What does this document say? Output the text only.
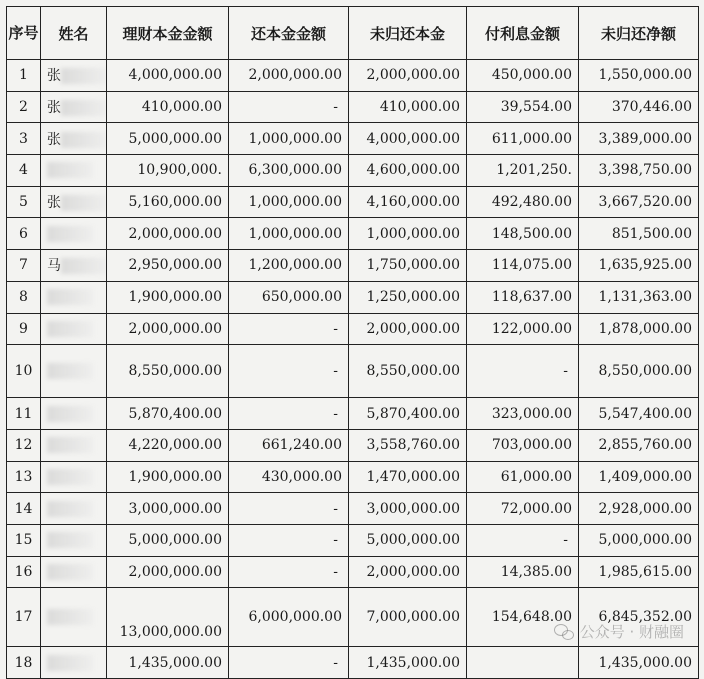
序号	姓名	理财本金金额	还本金金额	未归还本金	付利息金额	未归还净额
1	张	4,000,000.00	2,000,000.00	2,000,000.00	450,000.00	1,550,000.00
2	张	410,000.00	-	410,000.00	39,554.00	370,446.00
3	张	5,000,000.00	1,000,000.00	4,000,000.00	611,000.00	3,389,000.00
4		10,900,000.	6,300,000.00	4,600,000.00	1,201,250.	3,398,750.00
5	张	5,160,000.00	1,000,000.00	4,160,000.00	492,480.00	3,667,520.00
6		2,000,000.00	1,000,000.00	1,000,000.00	148,500.00	851,500.00
7	马	2,950,000.00	1,200,000.00	1,750,000.00	114,075.00	1,635,925.00
8		1,900,000.00	650,000.00	1,250,000.00	118,637.00	1,131,363.00
9		2,000,000.00	-	2,000,000.00	122,000.00	1,878,000.00
10		8,550,000.00	-	8,550,000.00	-	8,550,000.00
11		5,870,400.00	-	5,870,400.00	323,000.00	5,547,400.00
12		4,220,000.00	661,240.00	3,558,760.00	703,000.00	2,855,760.00
13		1,900,000.00	430,000.00	1,470,000.00	61,000.00	1,409,000.00
14		3,000,000.00	-	3,000,000.00	72,000.00	2,928,000.00
15		5,000,000.00	-	5,000,000.00	-	5,000,000.00
16		2,000,000.00	-	2,000,000.00	14,385.00	1,985,615.00
17		13,000,000.00	6,000,000.00	7,000,000.00	154,648.00	6,845,352.00
18		1,435,000.00	-	1,435,000.00		1,435,000.00
公众号 · 财融圈
